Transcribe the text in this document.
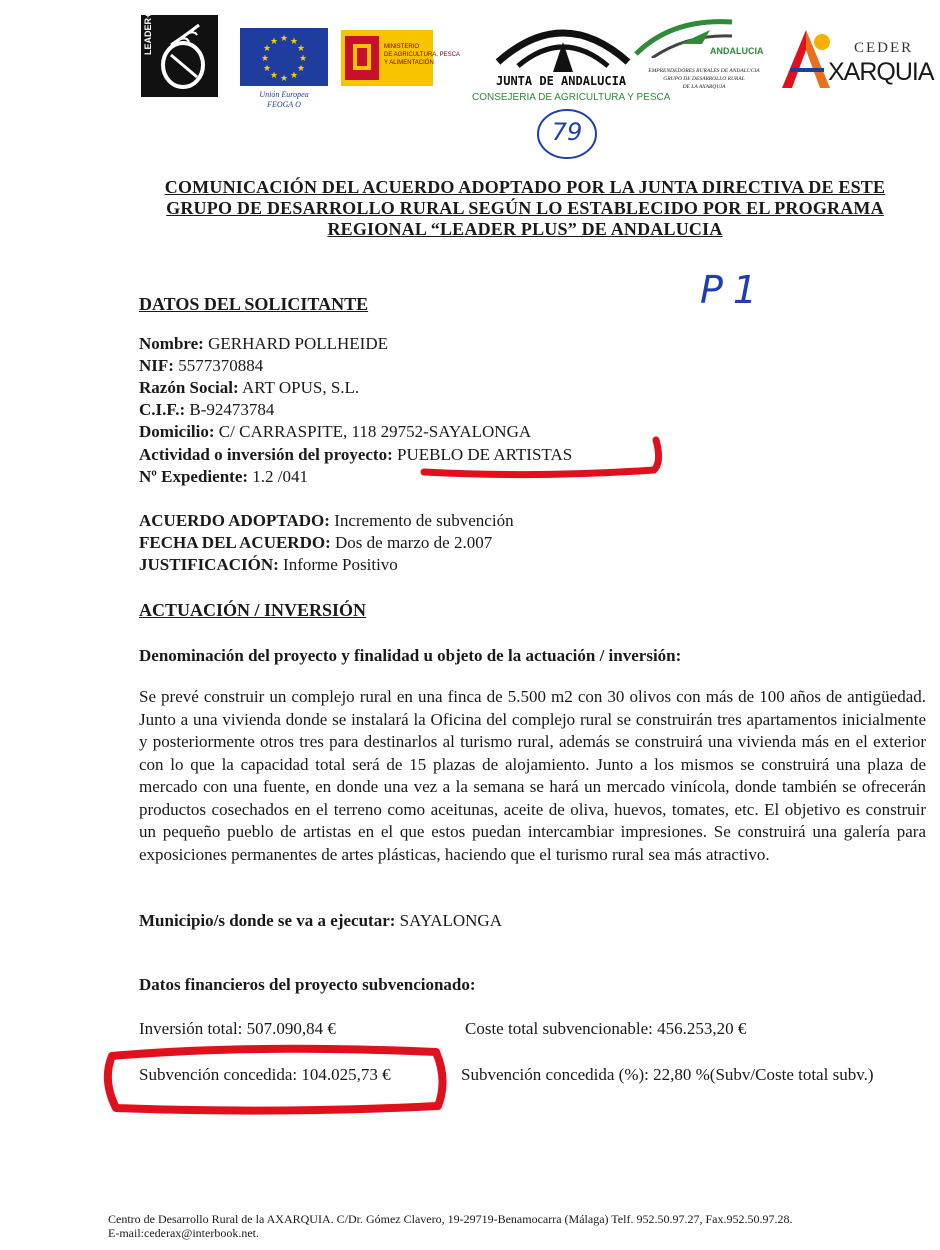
LEADER+	★ ★
★
★
★
★
★
★
★
★
★
★
Unión Europea
FEOGA O
MINISTERIO
DE AGRICULTURA, PESCA
Y ALIMENTACIÓN
JUNTA DE ANDALUCIA
CONSEJERIA DE AGRICULTURA Y PESCA
ANDALUCIA
EMPRENDEDORES RURALES DE ANDALUCIA
GRUPO DE DESARROLLO RURAL
DE LA AXARQUIA
CEDER
XARQUIA
79
COMUNICACIÓN DEL ACUERDO ADOPTADO POR LA JUNTA DIRECTIVA DE ESTE
GRUPO DE DESARROLLO RURAL SEGÚN LO ESTABLECIDO POR EL PROGRAMA
REGIONAL “LEADER PLUS” DE ANDALUCIA
P1
DATOS DEL SOLICITANTE
Nombre: GERHARD POLLHEIDE
NIF: 5577370884
Razón Social: ART OPUS, S.L.
C.I.F.: B-92473784
Domicilio: C/ CARRASPITE, 118 29752-SAYALONGA
Actividad o inversión del proyecto: PUEBLO DE ARTISTAS
Nº Expediente: 1.2 /041
ACUERDO ADOPTADO: Incremento de subvención
FECHA DEL ACUERDO: Dos de marzo de 2.007
JUSTIFICACIÓN: Informe Positivo
ACTUACIÓN / INVERSIÓN
Denominación del proyecto y finalidad u objeto de la actuación / inversión:
Se prevé construir un complejo rural en una finca de 5.500 m2 con 30 olivos con más de 100 años de antigüedad. Junto a una vivienda donde se instalará la Oficina del complejo rural se construirán tres apartamentos inicialmente y posteriormente otros tres para destinarlos al turismo rural, además se construirá una vivienda más en el exterior con lo que la capacidad total será de 15 plazas de alojamiento. Junto a los mismos se construirá una plaza de mercado con una fuente, en donde una vez a la semana se hará un mercado vinícola, donde también se ofrecerán productos cosechados en el terreno como aceitunas, aceite de oliva, huevos, tomates, etc. El objetivo es construir un pequeño pueblo de artistas en el que estos puedan intercambiar impresiones. Se construirá una galería para exposiciones permanentes de artes plásticas, haciendo que el turismo rural sea más atractivo.
Municipio/s donde se va a ejecutar: SAYALONGA
Datos financieros del proyecto subvencionado:
Inversión total: 507.090,84 €	Coste total subvencionable: 456.253,20 €
Subvención concedida: 104.025,73 €	Subvención concedida (%): 22,80 %(Subv/Coste total subv.)
Centro de Desarrollo Rural de la AXARQUIA. C/Dr. Gómez Clavero, 19-29719-Benamocarra (Málaga) Telf. 952.50.97.27, Fax.952.50.97.28.
E-mail:cederax@interbook.net.
